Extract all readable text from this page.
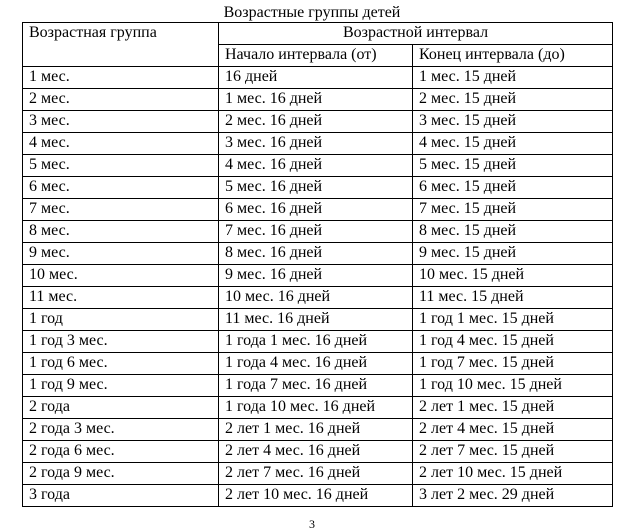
Возрастные группы детей
Возрастная группа	Возрастной интервал	
	Начало интервала (от)	Конец интервала (до)
1 мес.	16 дней	1 мес. 15 дней
2 мес.	1 мес. 16 дней	2 мес. 15 дней
3 мес.	2 мес. 16 дней	3 мес. 15 дней
4 мес.	3 мес. 16 дней	4 мес. 15 дней
5 мес.	4 мес. 16 дней	5 мес. 15 дней
6 мес.	5 мес. 16 дней	6 мес. 15 дней
7 мес.	6 мес. 16 дней	7 мес. 15 дней
8 мес.	7 мес. 16 дней	8 мес. 15 дней
9 мес.	8 мес. 16 дней	9 мес. 15 дней
10 мес.	9 мес. 16 дней	10 мес. 15 дней
11 мес.	10 мес. 16 дней	11 мес. 15 дней
1 год	11 мес. 16 дней	1 год 1 мес. 15 дней
1 год 3 мес.	1 года 1 мес. 16 дней	1 год 4 мес. 15 дней
1 год 6 мес.	1 года 4 мес. 16 дней	1 год 7 мес. 15 дней
1 год 9 мес.	1 года 7 мес. 16 дней	1 год 10 мес. 15 дней
2 года	1 года 10 мес. 16 дней	2 лет 1 мес. 15 дней
2 года 3 мес.	2 лет 1 мес. 16 дней	2 лет 4 мес. 15 дней
2 года 6 мес.	2 лет 4 мес. 16 дней	2 лет 7 мес. 15 дней
2 года 9 мес.	2 лет 7 мес. 16 дней	2 лет 10 мес. 15 дней
3 года	2 лет 10 мес. 16 дней	3 лет 2 мес. 29 дней
3
